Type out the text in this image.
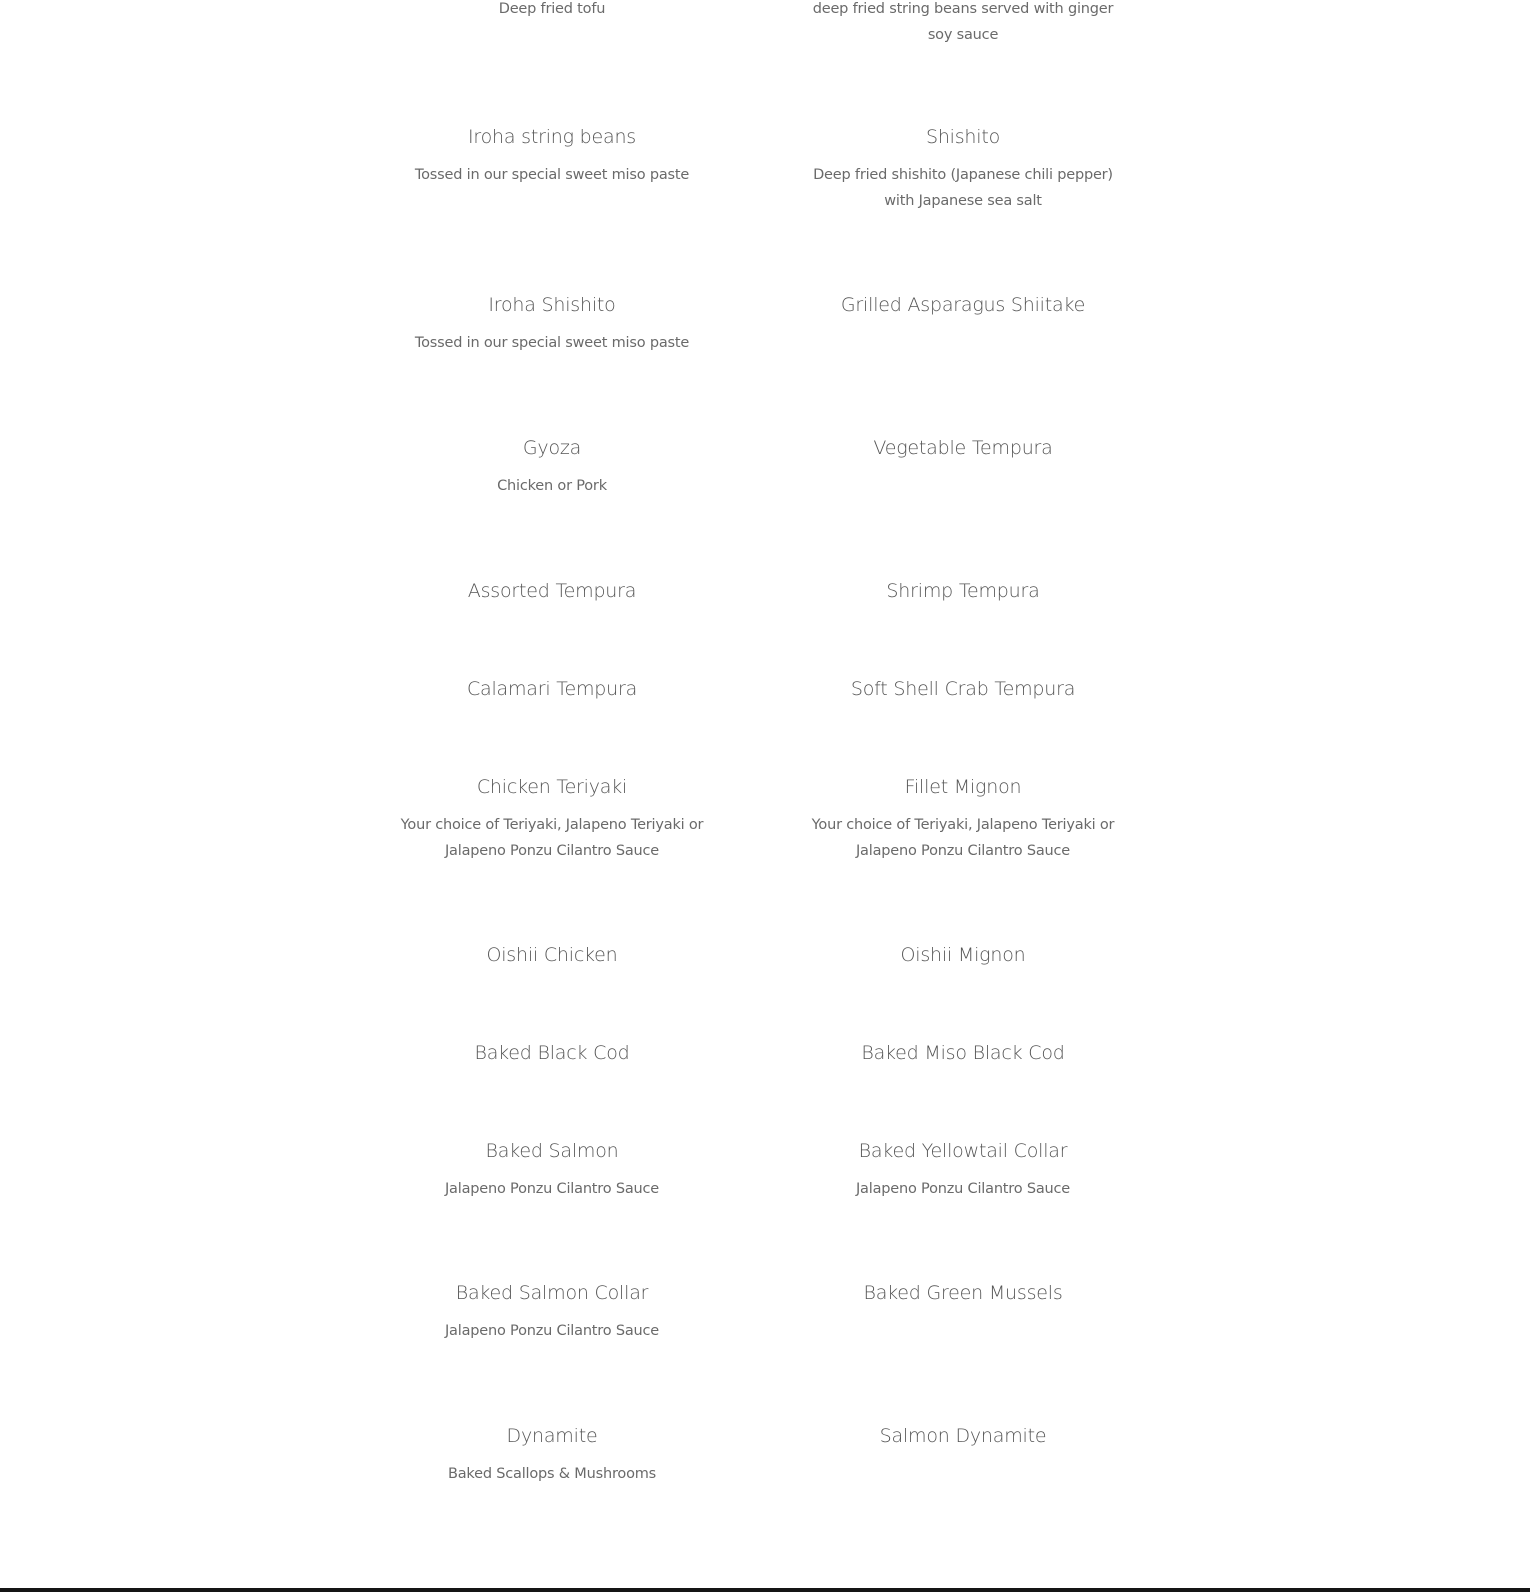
Deep fried tofu	deep fried string beans served with ginger soy sauce
Iroha string beans
Tossed in our special sweet miso paste
Shishito
Deep fried shishito (Japanese chili pepper) with Japanese sea salt
Iroha Shishito
Tossed in our special sweet miso paste
Grilled Asparagus Shiitake
Gyoza
Chicken or Pork
Vegetable Tempura
Assorted Tempura	Shrimp Tempura
Calamari Tempura	Soft Shell Crab Tempura
Chicken Teriyaki
Your choice of Teriyaki, Jalapeno Teriyaki or Jalapeno Ponzu Cilantro Sauce
Fillet Mignon
Your choice of Teriyaki, Jalapeno Teriyaki or Jalapeno Ponzu Cilantro Sauce
Oishii Chicken	Oishii Mignon
Baked Black Cod	Baked Miso Black Cod
Baked Salmon
Jalapeno Ponzu Cilantro Sauce
Baked Yellowtail Collar
Jalapeno Ponzu Cilantro Sauce
Baked Salmon Collar
Jalapeno Ponzu Cilantro Sauce
Baked Green Mussels
Dynamite
Baked Scallops & Mushrooms
Salmon Dynamite
